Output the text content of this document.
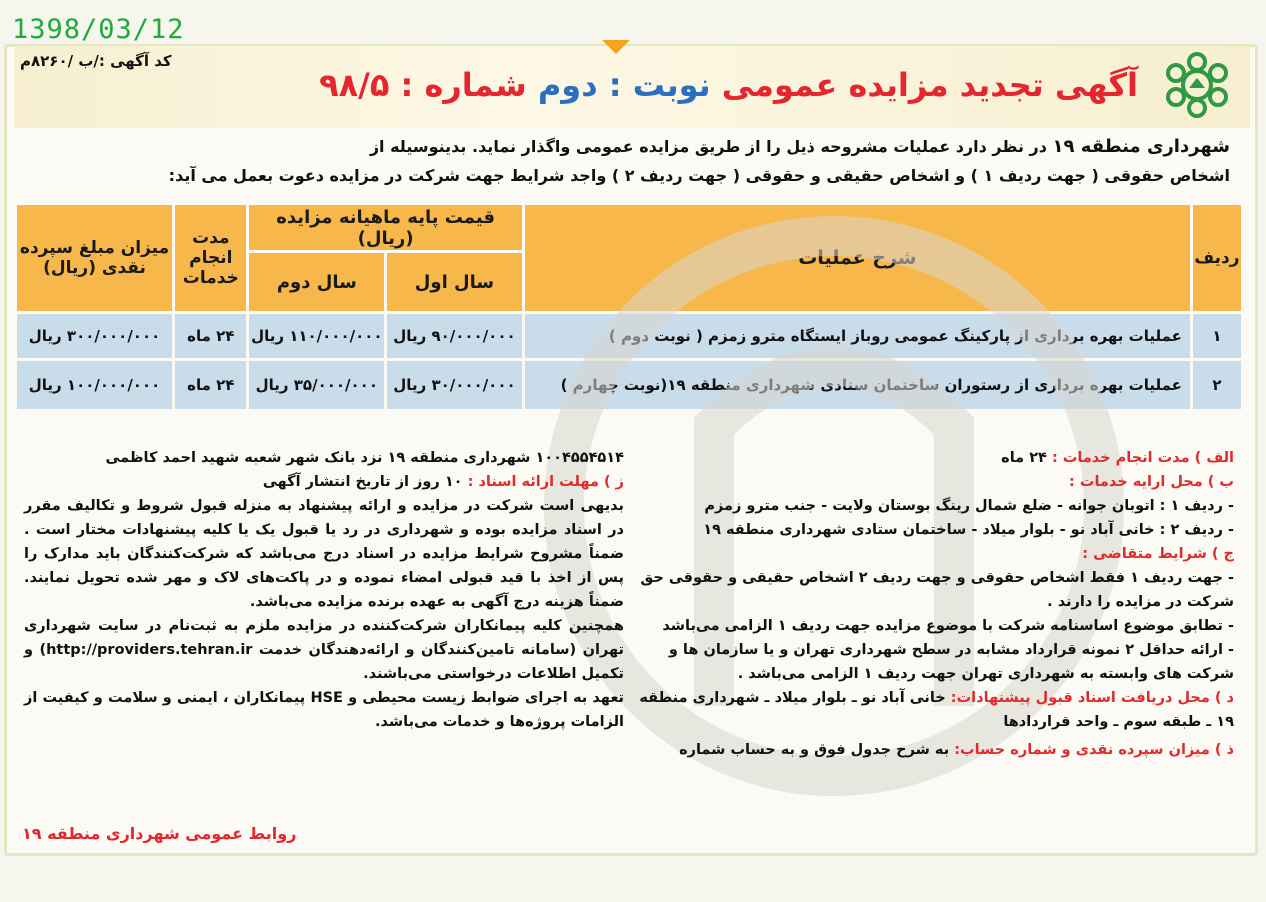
1398/03/12
کد آگهی :/ب /۸۲۶۰م
آگهی تجدید مزایده عمومی نوبت : دوم شماره : ۹۸/۵
شهرداری منطقه ۱۹ در نظر دارد عملیات مشروحه ذیل را از طریق مزایده عمومی واگذار نماید. بدینوسیله از
اشخاص حقوقی ( جهت ردیف ۱ ) و اشخاص حقیقی و حقوقی ( جهت ردیف ۲ ) واجد شرایط جهت شرکت در مزایده دعوت بعمل می آید:
ردیف	شرح عملیات	قیمت پایه ماهیانه مزایده (ریال)		مدت انجام خدمات	میزان مبلغ سپرده نقدی (ریال)
		سال اول	سال دوم		
۱	عملیات بهره برداری از پارکینگ عمومی روباز ایستگاه مترو زمزم ( نوبت دوم )	۹۰/۰۰۰/۰۰۰ ریال	۱۱۰/۰۰۰/۰۰۰ ریال	۲۴ ماه	۳۰۰/۰۰۰/۰۰۰ ریال
۲	عملیات بهره برداری از رستوران ساختمان ستادی شهرداری منطقه ۱۹(نوبت چهارم )	۳۰/۰۰۰/۰۰۰ ریال	۳۵/۰۰۰/۰۰۰ ریال	۲۴ ماه	۱۰۰/۰۰۰/۰۰۰ ریال
الف ) مدت انجام خدمات : ۲۴ ماه
ب ) محل ارایه خدمات :
- ردیف ۱ : اتوبان جوانه - ضلع شمال رینگ بوستان ولایت - جنب مترو زمزم
- ردیف ۲ : خانی آباد نو - بلوار میلاد - ساختمان ستادی شهرداری منطقه ۱۹
ج ) شرایط متقاضی :
- جهت ردیف ۱ فقط اشخاص حقوقی و جهت ردیف ۲ اشخاص حقیقی و حقوقی حق شرکت در مزایده را دارند .
- تطابق موضوع اساسنامه شرکت با موضوع مزایده جهت ردیف ۱ الزامی می‌باشد
- ارائه حداقل ۲ نمونه قرارداد مشابه در سطح شهرداری تهران و یا سازمان ها و شرکت های وابسته به شهرداری تهران جهت ردیف ۱ الزامی می‌باشد .
د ) محل دریافت اسناد قبول پیشنهادات: خانی آباد نو ـ بلوار میلاد ـ شهرداری منطقه ۱۹ ـ طبقه سوم ـ واحد قراردادها
ذ ) میزان سپرده نقدی و شماره حساب: به شرح جدول فوق و به حساب شماره
۱۰۰۴۵۵۴۵۱۴ شهرداری منطقه ۱۹ نزد بانک شهر شعبه شهید احمد کاظمی
ز ) مهلت ارائه اسناد : ۱۰ روز از تاریخ انتشار آگهی
بدیهی است شرکت در مزایده و ارائه پیشنهاد به منزله قبول شروط و تکالیف مقرر در اسناد مزایده بوده و شهرداری در رد یا قبول یک یا کلیه پیشنهادات مختار است . ضمناً مشروح شرایط مزایده در اسناد درج می‌باشد که شرکت‌کنندگان باید مدارک را پس از اخذ با قید قبولی امضاء نموده و در پاکت‌های لاک و مهر شده تحویل نمایند. ضمناً هزینه درج آگهی به عهده برنده مزایده می‌باشد.
همچنین کلیه پیمانکاران شرکت‌کننده در مزایده ملزم به ثبت‌نام در سایت شهرداری تهران (سامانه تامین‌کنندگان و ارائه‌دهندگان خدمت http://providers.tehran.ir) و تکمیل اطلاعات درخواستی می‌باشند.
تعهد به اجرای ضوابط زیست محیطی و HSE پیمانکاران ، ایمنی و سلامت و کیفیت از الزامات پروژه‌ها و خدمات می‌باشد.
روابط عمومی شهرداری منطقه ۱۹
